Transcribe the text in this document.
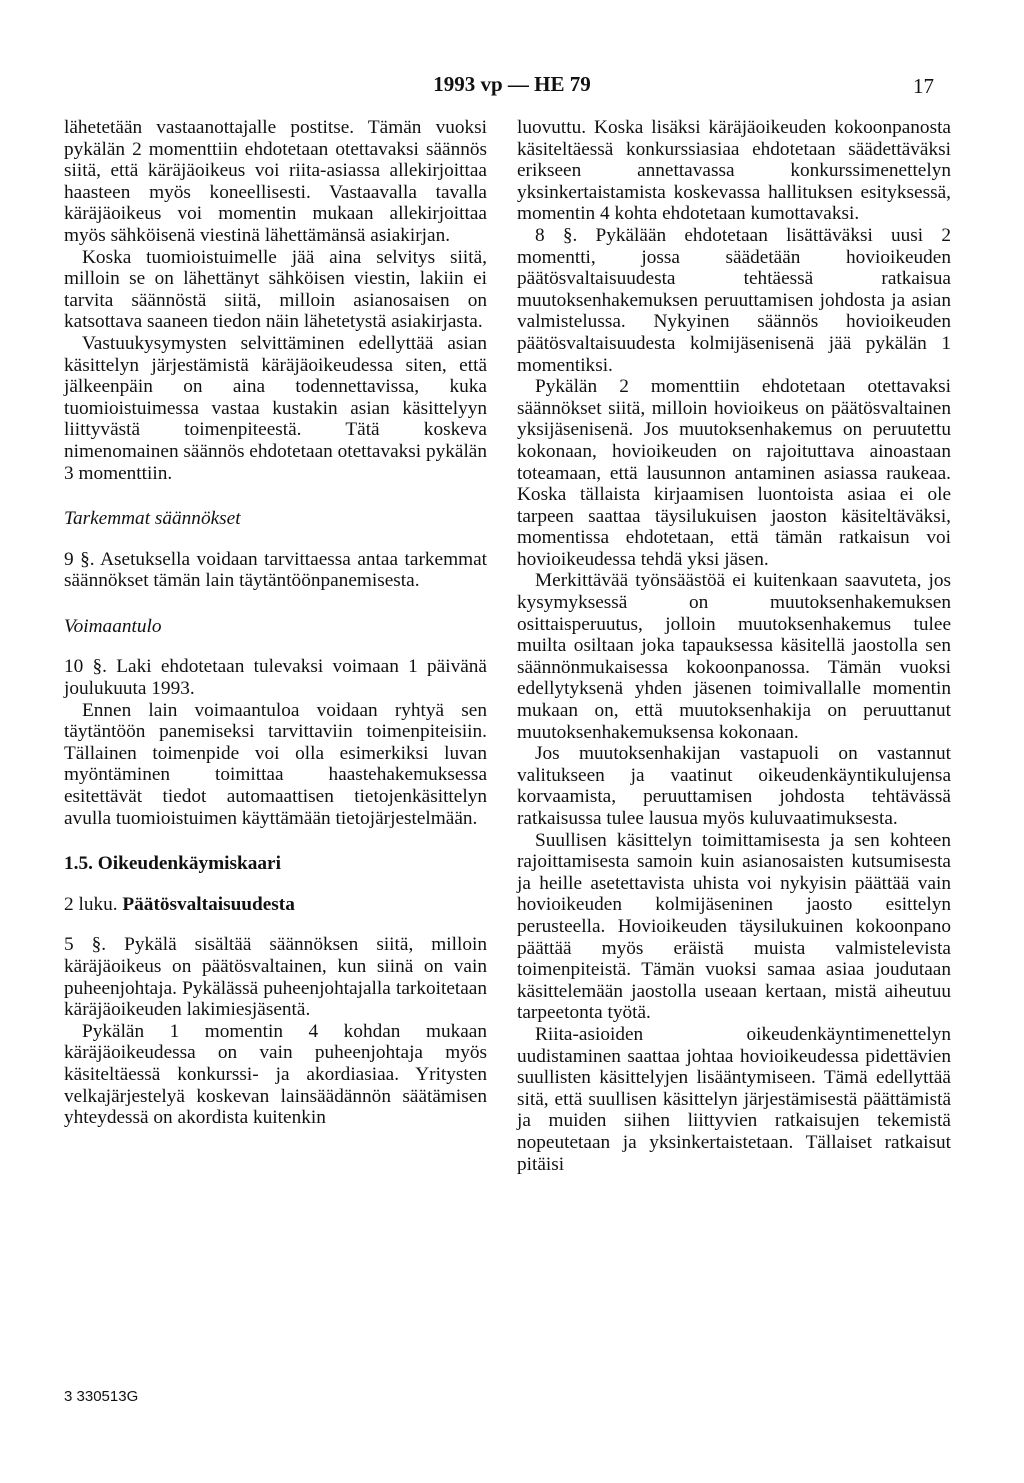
1993 vp — HE 79	17

lähetetään vastaanottajalle postitse. Tämän vuoksi pykälän 2 momenttiin ehdotetaan otettavaksi säännös siitä, että käräjäoikeus voi riita-asiassa allekirjoittaa haasteen myös koneellisesti. Vastaavalla tavalla käräjäoikeus voi momentin mukaan allekirjoittaa myös sähköisenä viestinä lähettämänsä asiakirjan.

Koska tuomioistuimelle jää aina selvitys siitä, milloin se on lähettänyt sähköisen viestin, lakiin ei tarvita säännöstä siitä, milloin asianosaisen on katsottava saaneen tiedon näin lähetetystä asiakirjasta.

Vastuukysymysten selvittäminen edellyttää asian käsittelyn järjestämistä käräjäoikeudessa siten, että jälkeenpäin on aina todennettavissa, kuka tuomioistuimessa vastaa kustakin asian käsittelyyn liittyvästä toimenpiteestä. Tätä koskeva nimenomainen säännös ehdotetaan otettavaksi pykälän 3 momenttiin.

Tarkemmat säännökset

9 §. Asetuksella voidaan tarvittaessa antaa tarkemmat säännökset tämän lain täytäntöönpanemisesta.

Voimaantulo

10 §. Laki ehdotetaan tulevaksi voimaan 1 päivänä joulukuuta 1993.

Ennen lain voimaantuloa voidaan ryhtyä sen täytäntöön panemiseksi tarvittaviin toimenpiteisiin. Tällainen toimenpide voi olla esimerkiksi luvan myöntäminen toimittaa haastehakemuksessa esitettävät tiedot automaattisen tietojenkäsittelyn avulla tuomioistuimen käyttämään tietojärjestelmään.

1.5. Oikeudenkäymiskaari

2 luku. Päätösvaltaisuudesta

5 §. Pykälä sisältää säännöksen siitä, milloin käräjäoikeus on päätösvaltainen, kun siinä on vain puheenjohtaja. Pykälässä puheenjohtajalla tarkoitetaan käräjäoikeuden lakimiesjäsentä.

Pykälän 1 momentin 4 kohdan mukaan käräjäoikeudessa on vain puheenjohtaja myös käsiteltäessä konkurssi- ja akordiasiaa. Yritysten velkajärjestelyä koskevan lainsäädännön säätämisen yhteydessä on akordista kuitenkin

luovuttu. Koska lisäksi käräjäoikeuden kokoonpanosta käsiteltäessä konkurssiasiaa ehdotetaan säädettäväksi erikseen annettavassa konkurssimenettelyn yksinkertaistamista koskevassa hallituksen esityksessä, momentin 4 kohta ehdotetaan kumottavaksi.

8 §. Pykälään ehdotetaan lisättäväksi uusi 2 momentti, jossa säädetään hovioikeuden päätösvaltaisuudesta tehtäessä ratkaisua muutoksenhakemuksen peruuttamisen johdosta ja asian valmistelussa. Nykyinen säännös hovioikeuden päätösvaltaisuudesta kolmijäsenisenä jää pykälän 1 momentiksi.

Pykälän 2 momenttiin ehdotetaan otettavaksi säännökset siitä, milloin hovioikeus on päätösvaltainen yksijäsenisenä. Jos muutoksenhakemus on peruutettu kokonaan, hovioikeuden on rajoituttava ainoastaan toteamaan, että lausunnon antaminen asiassa raukeaa. Koska tällaista kirjaamisen luontoista asiaa ei ole tarpeen saattaa täysilukuisen jaoston käsiteltäväksi, momentissa ehdotetaan, että tämän ratkaisun voi hovioikeudessa tehdä yksi jäsen.

Merkittävää työnsäästöä ei kuitenkaan saavuteta, jos kysymyksessä on muutoksenhakemuksen osittaisperuutus, jolloin muutoksenhakemus tulee muilta osiltaan joka tapauksessa käsitellä jaostolla sen säännönmukaisessa kokoonpanossa. Tämän vuoksi edellytyksenä yhden jäsenen toimivallalle momentin mukaan on, että muutoksenhakija on peruuttanut muutoksenhakemuksensa kokonaan.

Jos muutoksenhakijan vastapuoli on vastannut valitukseen ja vaatinut oikeudenkäyntikulujensa korvaamista, peruuttamisen johdosta tehtävässä ratkaisussa tulee lausua myös kuluvaatimuksesta.

Suullisen käsittelyn toimittamisesta ja sen kohteen rajoittamisesta samoin kuin asianosaisten kutsumisesta ja heille asetettavista uhista voi nykyisin päättää vain hovioikeuden kolmijäseninen jaosto esittelyn perusteella. Hovioikeuden täysilukuinen kokoonpano päättää myös eräistä muista valmistelevista toimenpiteistä. Tämän vuoksi samaa asiaa joudutaan käsittelemään jaostolla useaan kertaan, mistä aiheutuu tarpeetonta työtä.

Riita-asioiden oikeudenkäyntimenettelyn uudistaminen saattaa johtaa hovioikeudessa pidettävien suullisten käsittelyjen lisääntymiseen. Tämä edellyttää sitä, että suullisen käsittelyn järjestämisestä päättämistä ja muiden siihen liittyvien ratkaisujen tekemistä nopeutetaan ja yksinkertaistetaan. Tällaiset ratkaisut pitäisi

3 330513G
